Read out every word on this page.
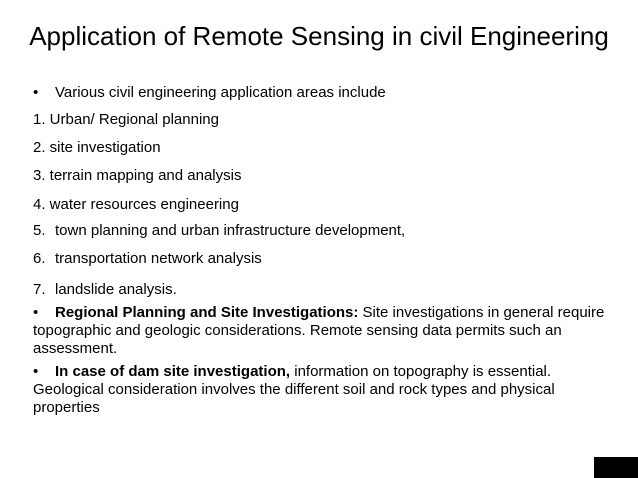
Application of Remote Sensing in civil Engineering
• Various civil engineering application areas include
1. Urban/ Regional planning
2. site investigation
3. terrain mapping and analysis
4. water resources engineering
5. town planning and urban infrastructure development,
6. transportation network analysis
7. landslide analysis.
• Regional Planning and Site Investigations: Site investigations in general require topographic and geologic considerations. Remote sensing data permits such an assessment.
• In case of dam site investigation, information on topography is essential. Geological consideration involves the different soil and rock types and physical properties
